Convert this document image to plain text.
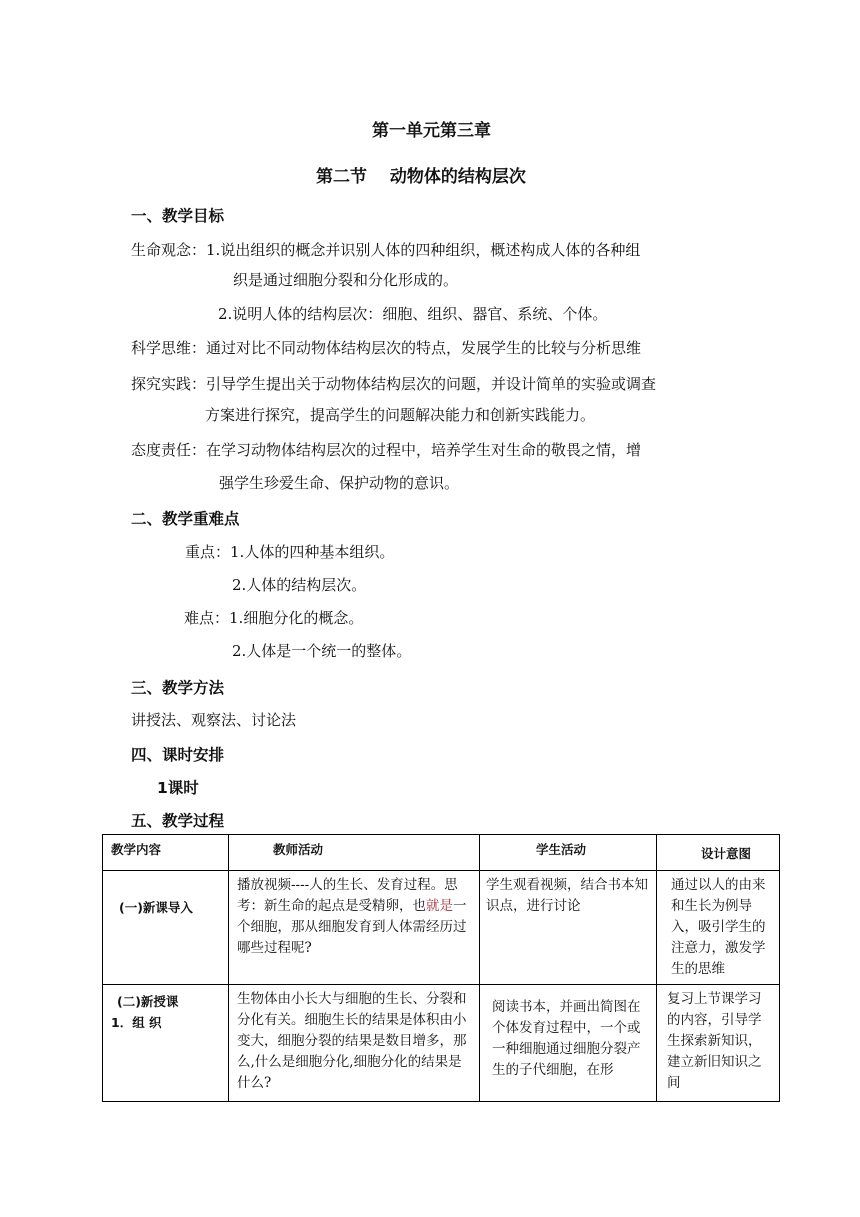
第一单元第三章
第二节　 动物体的结构层次
一、教学目标
生命观念：1.说出组织的概念并识别人体的四种组织，概述构成人体的各种组
织是通过细胞分裂和分化形成的。
2.说明人体的结构层次：细胞、组织、器官、系统、个体。
科学思维：通过对比不同动物体结构层次的特点，发展学生的比较与分析思维
探究实践：引导学生提出关于动物体结构层次的问题，并设计简单的实验或调查
方案进行探究，提高学生的问题解决能力和创新实践能力。
态度责任：在学习动物体结构层次的过程中，培养学生对生命的敬畏之情，增
强学生珍爱生命、保护动物的意识。
二、教学重难点
重点：1.人体的四种基本组织。
2.人体的结构层次。
难点：1.细胞分化的概念。
2.人体是一个统一的整体。
三、教学方法
讲授法、观察法、讨论法
四、课时安排
1课时
五、教学过程
教学内容	教师活动	学生活动	设计意图
(一)新课导入	播放视频----人的生长、发育过程。思考：新生命的起点是受精卵，也就是一个细胞，那从细胞发育到人体需经历过哪些过程呢?	学生观看视频，结合书本知识点，进行讨论	通过以人的由来和生长为例导入，吸引学生的注意力，激发学生的思维

(二)新授课
1．组 织	生物体由小长大与细胞的生长、分裂和分化有关。细胞生长的结果是体积由小变大，细胞分裂的结果是数目增多，那么,什么是细胞分化,细胞分化的结果是什么?	阅读书本，并画出简图在个体发育过程中，一个或一种细胞通过细胞分裂产生的子代细胞，在形	复习上节课学习的内容，引导学生探索新知识，建立新旧知识之间
